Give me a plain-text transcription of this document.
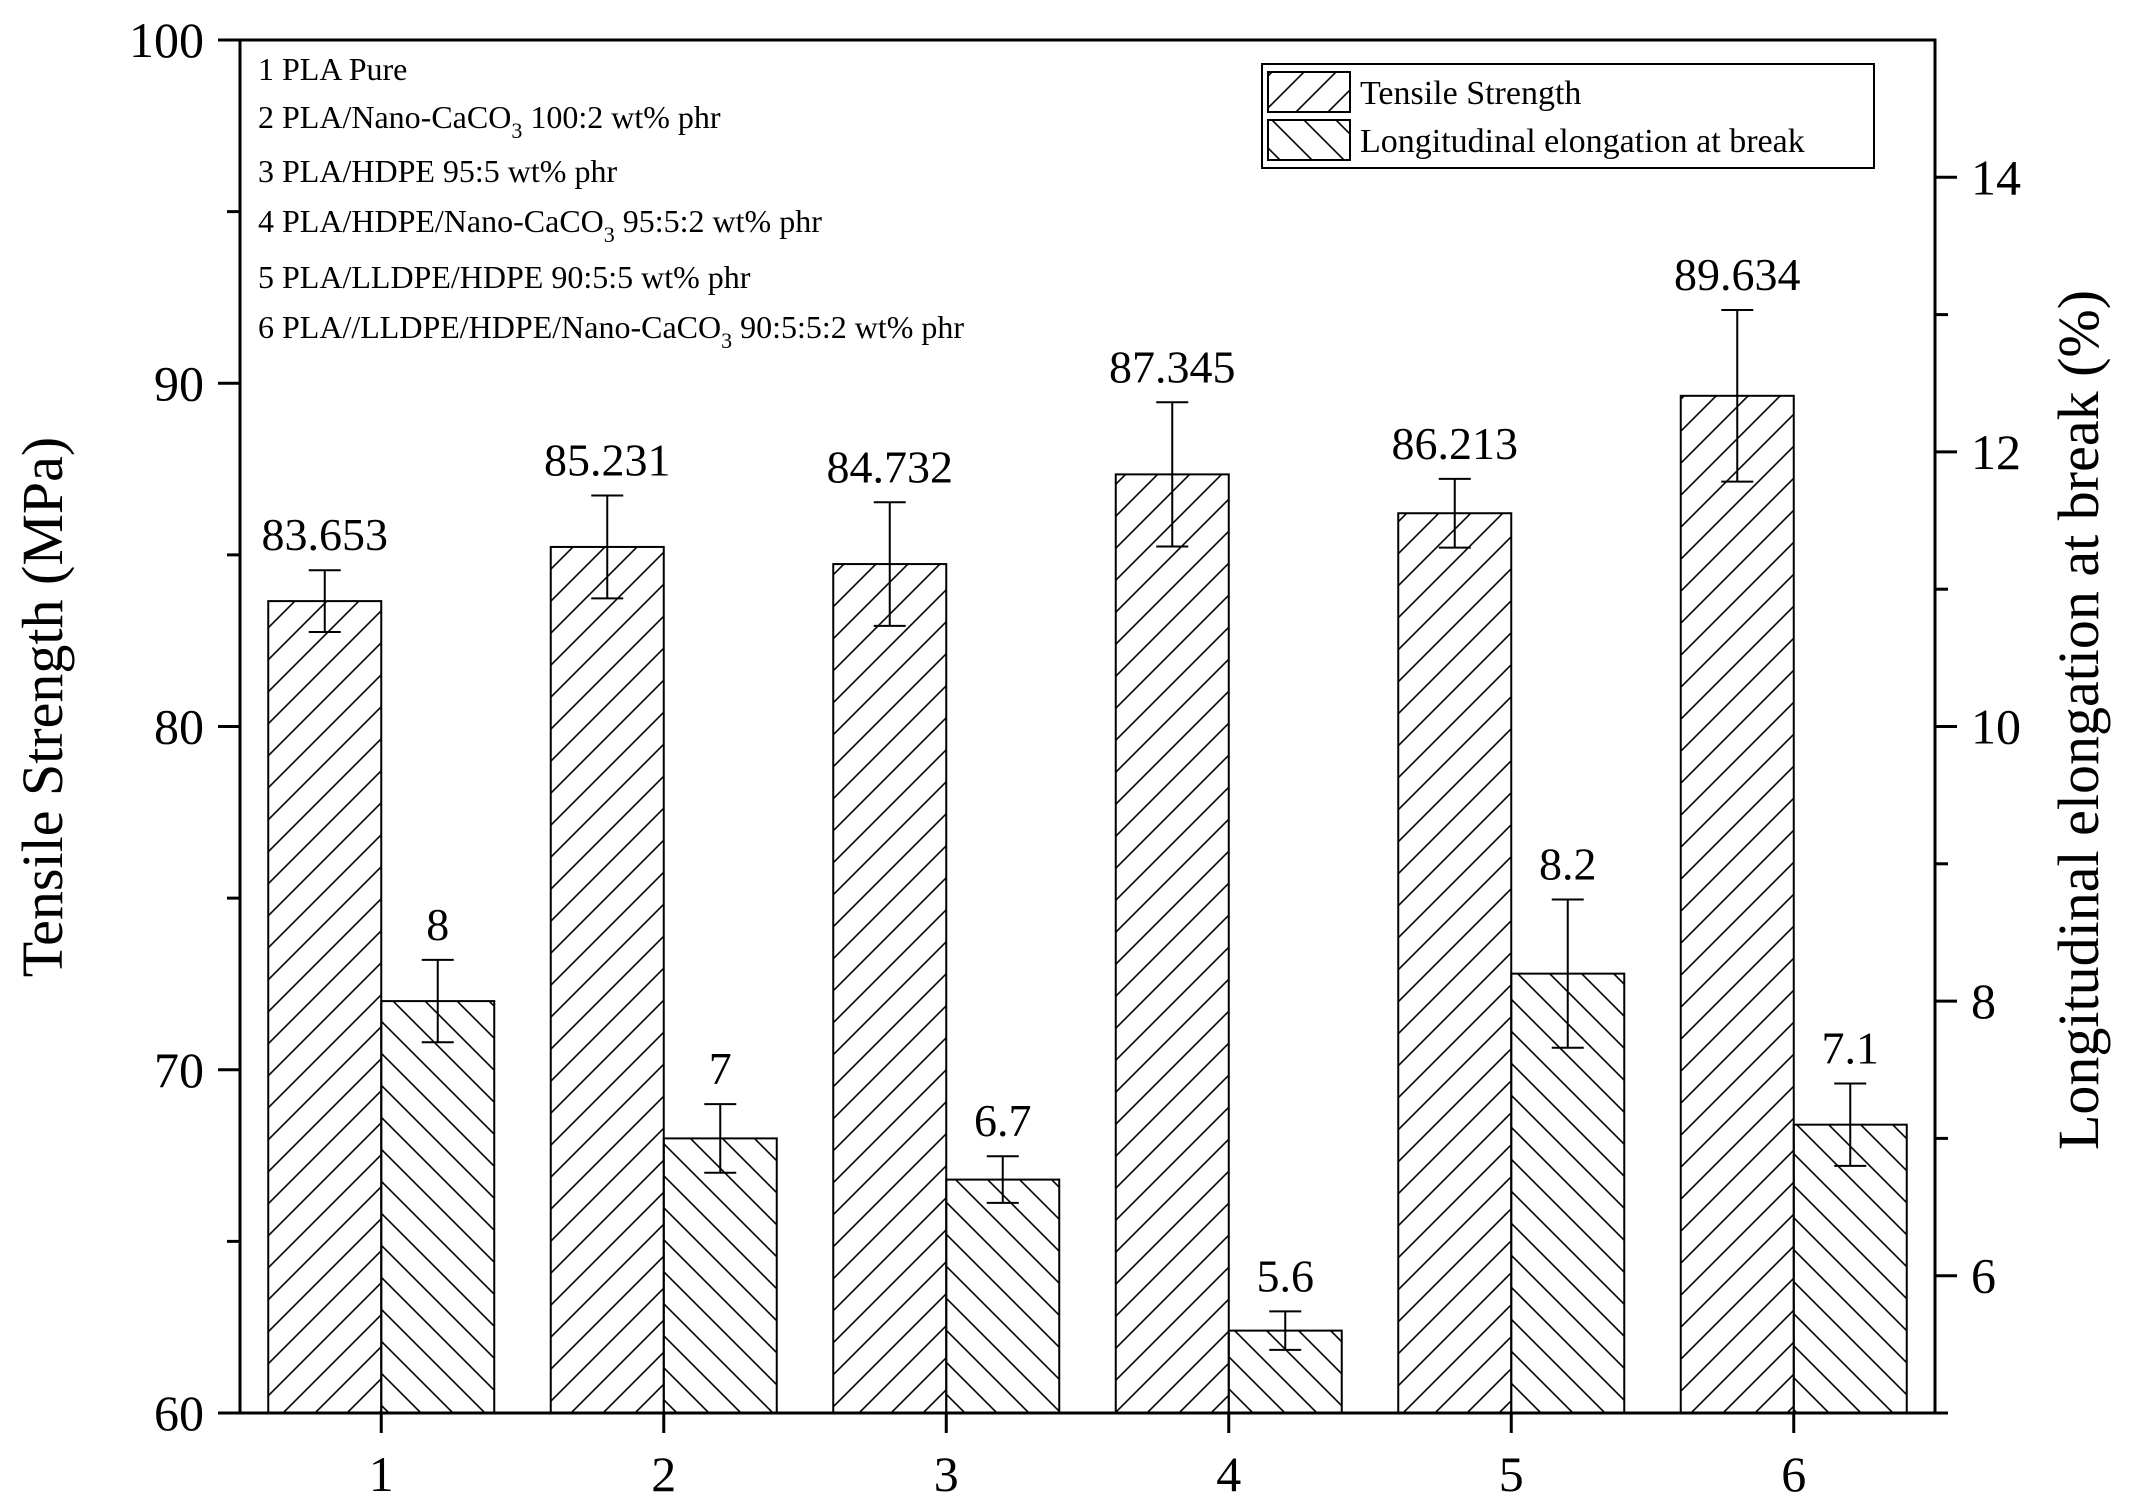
83.653
85.231	84.732
87.345
86.213
89.634
8
7
6.7
5.6
8.2
7.1
60
70
80
90
100
6
8
10
12
14
1	2	3	4	5	6
Tensile Strength (MPa)	Longitudinal elongation at break (%)
1 PLA Pure
2 PLA/Nano-CaCO$_3$ 100:2 wt% phr
3 PLA/HDPE 95:5 wt% phr
4 PLA/HDPE/Nano-CaCO$_3$ 95:5:2 wt% phr
5 PLA/LLDPE/HDPE 90:5:5 wt% phr
6 PLA//LLDPE/HDPE/Nano-CaCO$_3$ 90:5:5:2 wt% phr
Tensile Strength
Longitudinal elongation at break
